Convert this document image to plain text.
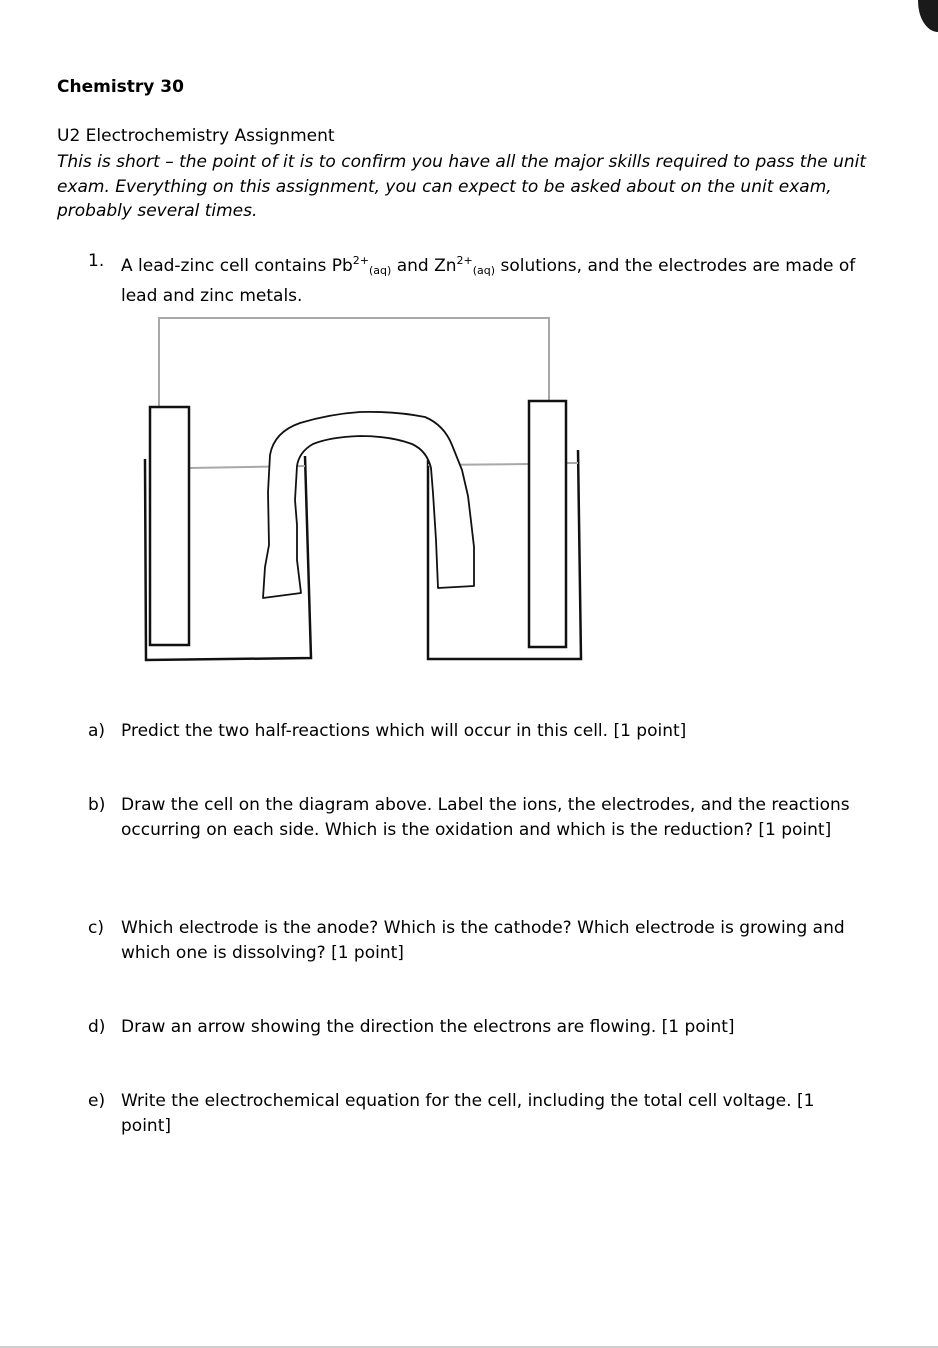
Chemistry 30
U2 Electrochemistry Assignment
This is short – the point of it is to confirm you have all the major skills required to pass the unit exam. Everything on this assignment, you can expect to be asked about on the unit exam, probably several times.
1. A lead-zinc cell contains $Pb^{2+}_{(aq)}$ and $Zn^{2+}_{(aq)}$ solutions, and the electrodes are made of lead and zinc metals.
a) Predict the two half-reactions which will occur in this cell. [1 point]
b) Draw the cell on the diagram above. Label the ions, the electrodes, and the reactions occurring on each side. Which is the oxidation and which is the reduction? [1 point]
c) Which electrode is the anode? Which is the cathode? Which electrode is growing and which one is dissolving? [1 point]
d) Draw an arrow showing the direction the electrons are flowing. [1 point]
e) Write the electrochemical equation for the cell, including the total cell voltage. [1 point]
